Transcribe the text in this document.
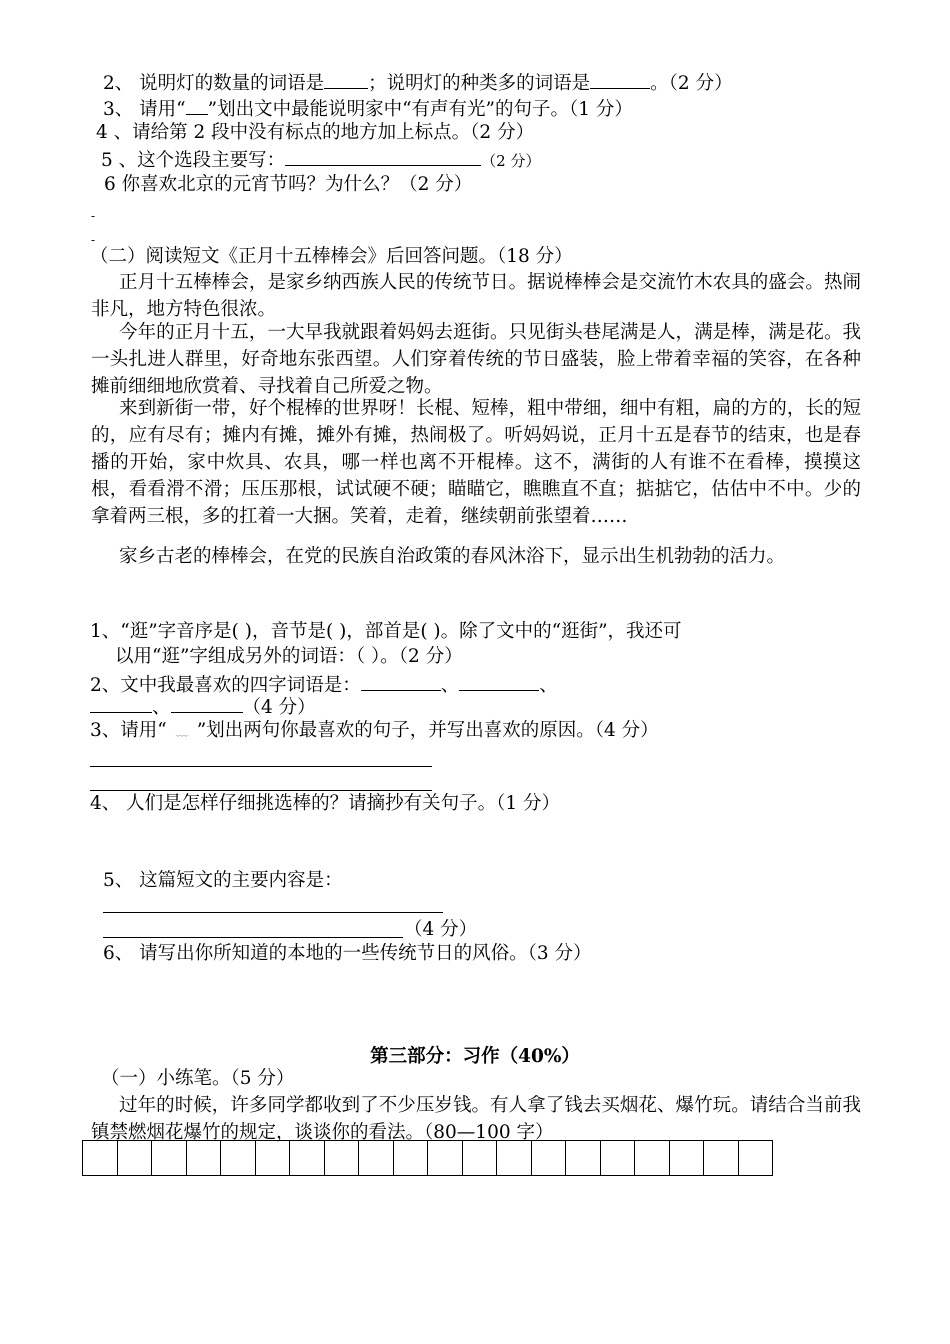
2、 说明灯的数量的词语是 ；说明灯的种类多的词语是	。（2 分）
3、 请用“ ”划出文中最能说明家中“有声有光”的句子。（1 分）
4 、请给第 2 段中没有标点的地方加上标点。（2 分）
5 、这个选段主要写：	（2 分）
6 你喜欢北京的元宵节吗？为什么？（2 分）
-
-
（二）阅读短文《正月十五棒棒会》后回答问题。（18 分）
正月十五棒棒会，是家乡纳西族人民的传统节日。据说棒棒会是交流竹木农具的盛会。热闹非凡，地方特色很浓。
今年的正月十五，一大早我就跟着妈妈去逛街。只见街头巷尾满是人，满是棒，满是花。我一头扎进人群里，好奇地东张西望。人们穿着传统的节日盛装，脸上带着幸福的笑容，在各种摊前细细地欣赏着、寻找着自己所爱之物。
来到新街一带，好个棍棒的世界呀！长棍、短棒，粗中带细，细中有粗，扁的方的，长的短的，应有尽有；摊内有摊，摊外有摊，热闹极了。听妈妈说，正月十五是春节的结束，也是春播的开始，家中炊具、农具，哪一样也离不开棍棒。这不，满街的人有谁不在看棒，摸摸这根，看看滑不滑；压压那根，试试硬不硬；瞄瞄它，瞧瞧直不直；掂掂它，估估中不中。少的拿着两三根，多的扛着一大捆。笑着，走着，继续朝前张望着……
家乡古老的棒棒会，在党的民族自治政策的春风沐浴下，显示出生机勃勃的活力。
1、“逛”字音序是( )，音节是( )，部首是( )。除了文中的“逛街”，我还可
以用“逛”字组成另外的词语：（ ）。（2 分）
2、文中我最喜欢的四字词语是：	、	、
、	（4 分）
3、请用“ ﹏ ”划出两句你最喜欢的句子，并写出喜欢的原因。（4 分）
4、 人们是怎样仔细挑选棒的？请摘抄有关句子。（1 分）
5、 这篇短文的主要内容是：
（4 分）
6、 请写出你所知道的本地的一些传统节日的风俗。（3 分）
第三部分：习作（40%）
（一）小练笔。（5 分）
过年的时候，许多同学都收到了不少压岁钱。有人拿了钱去买烟花、爆竹玩。请结合当前我镇禁燃烟花爆竹的规定，谈谈你的看法。（80—100 字）
